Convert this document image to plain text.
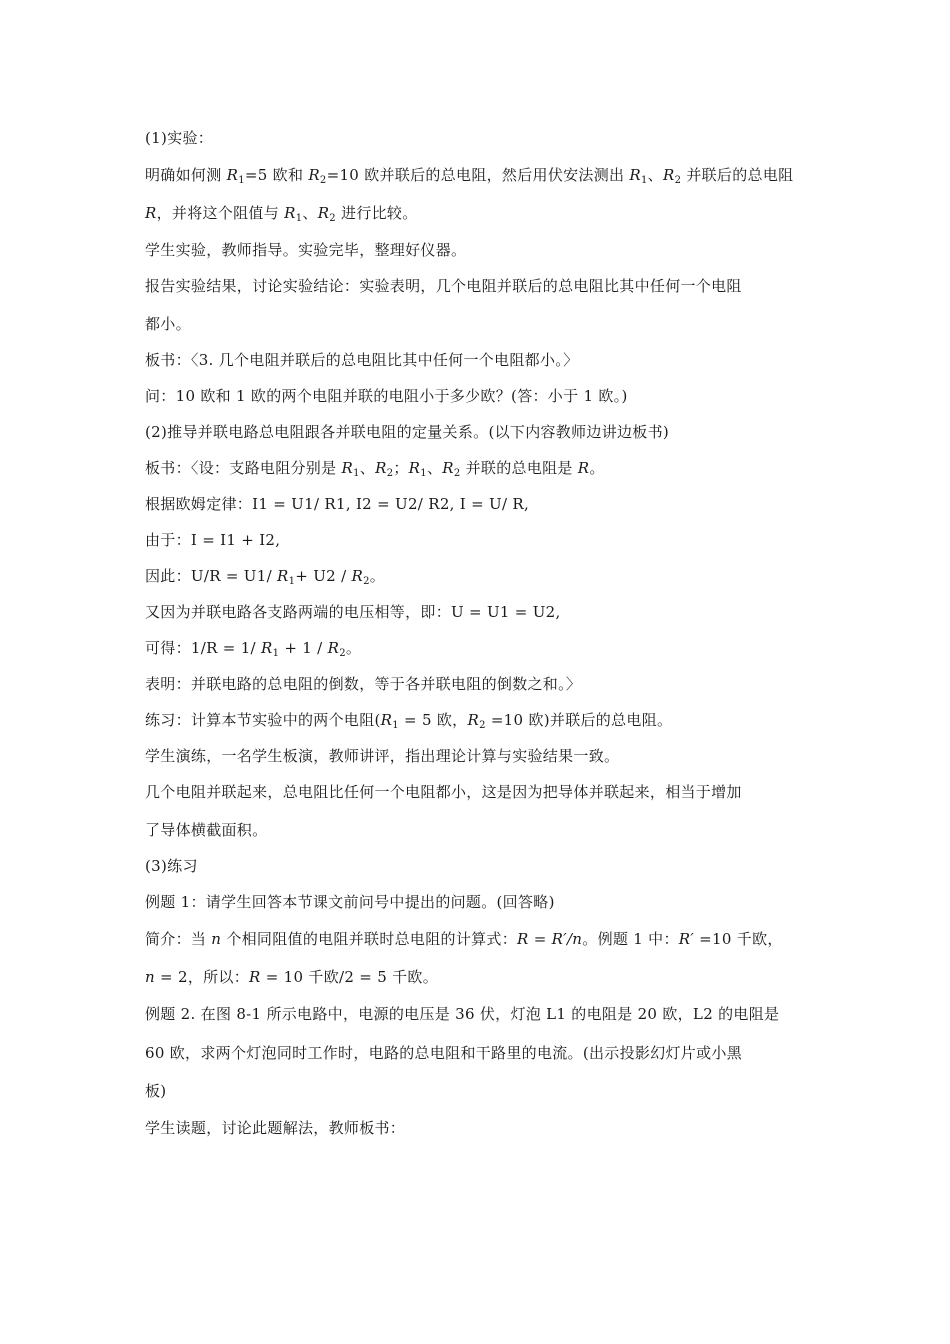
(1)实验：
明确如何测 $R_1=5$ 欧和 $R_2=10$ 欧并联后的总电阻，然后用伏安法测出 $R_1$、$R_2$ 并联后的总电阻
R，并将这个阻值与 $R_1$、$R_2$ 进行比较。
学生实验，教师指导。实验完毕，整理好仪器。
报告实验结果，讨论实验结论：实验表明，几个电阻并联后的总电阻比其中任何一个电阻
都小。
板书：〈3. 几个电阻并联后的总电阻比其中任何一个电阻都小。〉
问：10 欧和 1 欧的两个电阻并联的电阻小于多少欧？(答：小于 1 欧。)
(2)推导并联电路总电阻跟各并联电阻的定量关系。(以下内容教师边讲边板书)
板书：〈设：支路电阻分别是 $R_1$、$R_2$；$R_1$、$R_2$ 并联的总电阻是 R。
根据欧姆定律：I1 = U1/ R1, I2 = U2/ R2, I = U/ R,
由于：I = I1 + I2,
因此：U/R = U1/ $R_1+ U2 / R_2$。
又因为并联电路各支路两端的电压相等，即：U = U1 = U2,
可得：1/R = 1/ $R_1 + 1 / R_2$。
表明：并联电路的总电阻的倒数，等于各并联电阻的倒数之和。〉
练习：计算本节实验中的两个电阻($R_1 = 5$ 欧，$R_2 =10$ 欧)并联后的总电阻。
学生演练，一名学生板演，教师讲评，指出理论计算与实验结果一致。
几个电阻并联起来，总电阻比任何一个电阻都小，这是因为把导体并联起来，相当于增加
了导体横截面积。
(3)练习
例题 1：请学生回答本节课文前问号中提出的问题。(回答略)
简介：当 n 个相同阻值的电阻并联时总电阻的计算式：R = R′/n。例题 1 中：R′ =10 千欧，
n = 2，所以：R = 10 千欧/2 = 5 千欧。
例题 2. 在图 8-1 所示电路中，电源的电压是 36 伏，灯泡 L1 的电阻是 20 欧，L2 的电阻是
60 欧，求两个灯泡同时工作时，电路的总电阻和干路里的电流。(出示投影幻灯片或小黑
板)
学生读题，讨论此题解法，教师板书：
